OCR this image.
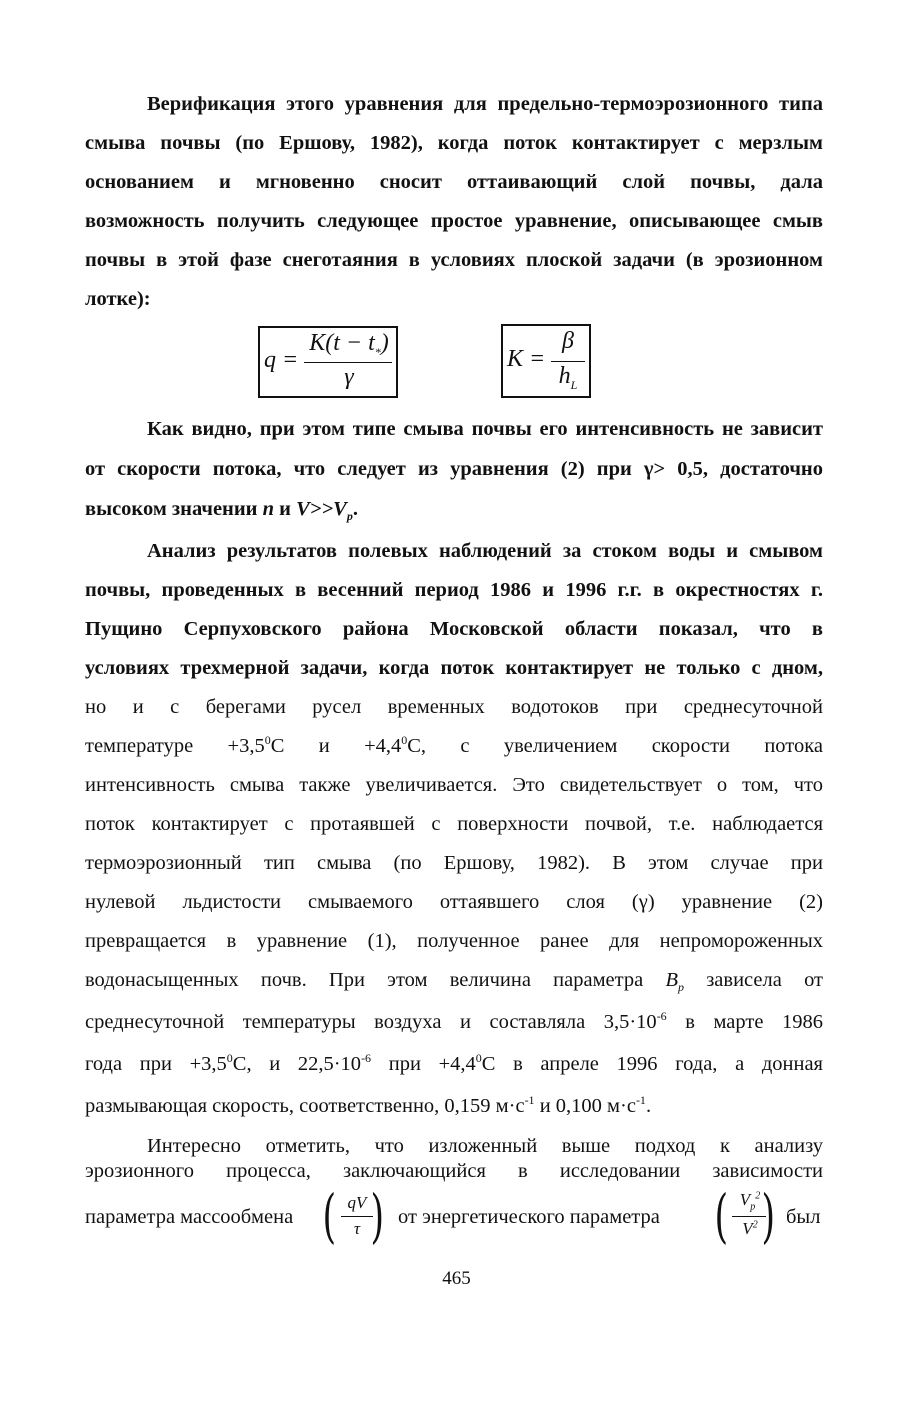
Верификация этого уравнения для предельно-термоэрозионного типа
смыва почвы (по Ершову, 1982), когда поток контактирует с мерзлым
основанием и мгновенно сносит оттаивающий слой почвы, дала
возможность получить следующее простое уравнение, описывающее смыв
почвы в этой фазе снеготаяния в условиях плоской задачи (в эрозионном
лотке):
q =
$K(t - t_*)$
γ
K =
β
$h_L$
Как видно, при этом типе смыва почвы его интенсивность не зависит
от скорости потока, что следует из уравнения (2) при γ> 0,5, достаточно
высоком значении n и $V>>V_p$.
Анализ результатов полевых наблюдений за стоком воды и смывом
почвы, проведенных в весенний период 1986 и 1996 г.г. в окрестностях г.
Пущино Серпуховского района Московской области показал, что в
условиях трехмерной задачи, когда поток контактирует не только с дном,
но и с берегами русел временных водотоков при среднесуточной
температуре $+3,5^0С$ $и +4,4^0С$, с увеличением скорости потока
интенсивность смыва также увеличивается. Это свидетельствует о том, что
поток контактирует с протаявшей с поверхности почвой, т.е. наблюдается
термоэрозионный тип смыва (по Ершову, 1982). В этом случае при
нулевой льдистости смываемого оттаявшего слоя (γ) уравнение (2)
превращается в уравнение (1), полученное ранее для непромороженных
водонасыщенных почв. При этом величина параметра $B_p$ зависела от
среднесуточной температуры воздуха и составляла $3,5\cdot 10^{-6}$ в марте 1986
года при $+3,5^0С$, и $22,5\cdot 10^{-6}$ при $+4,4^0С$ в апреле 1996 года, а донная
размывающая скорость, соответственно, 0,159 $м\cdot с^{-1}$ и 0,100 $м\cdot с^{-1}$.
Интересно отметить, что изложенный выше подход к анализу
эрозионного процесса, заключающийся в исследовании зависимости
параметра массообмена ( qV
τ ) от энергетического параметра ( $V_p^2$
$V^2$ ) был
465
